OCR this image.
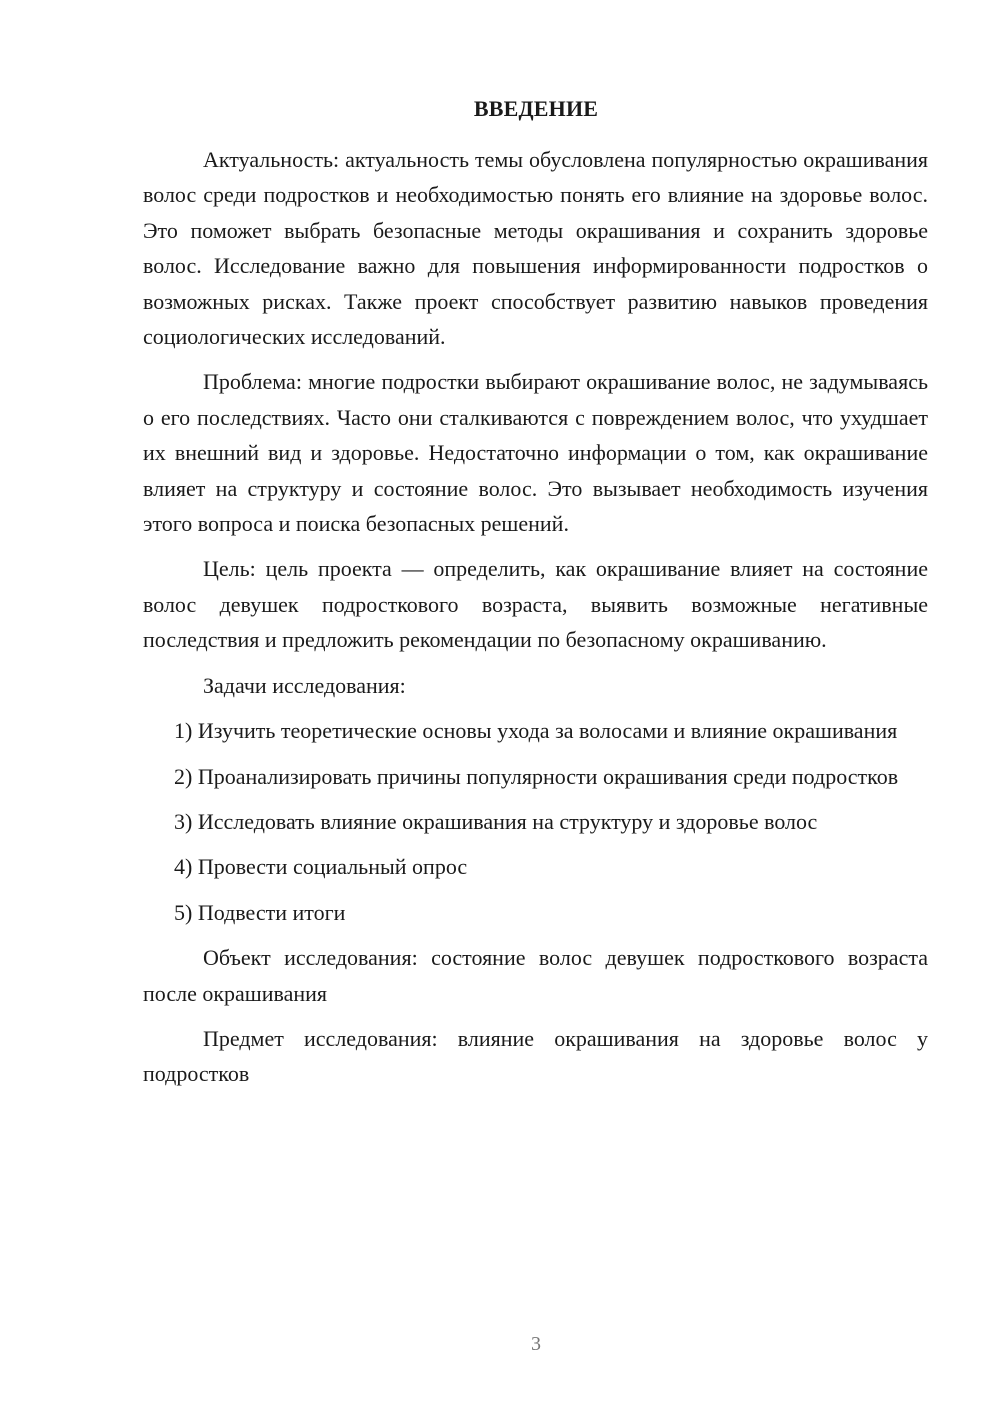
ВВЕДЕНИЕ

Актуальность: актуальность темы обусловлена популярностью окрашивания волос среди подростков и необходимостью понять его влияние на здоровье волос. Это поможет выбрать безопасные методы окрашивания и сохранить здоровье волос. Исследование важно для повышения информированности подростков о возможных рисках. Также проект способствует развитию навыков проведения социологических исследований.

Проблема: многие подростки выбирают окрашивание волос, не задумываясь о его последствиях. Часто они сталкиваются с повреждением волос, что ухудшает их внешний вид и здоровье. Недостаточно информации о том, как окрашивание влияет на структуру и состояние волос. Это вызывает необходимость изучения этого вопроса и поиска безопасных решений.

Цель: цель проекта — определить, как окрашивание влияет на состояние волос девушек подросткового возраста, выявить возможные негативные последствия и предложить рекомендации по безопасному окрашиванию.

Задачи исследования:

1) Изучить теоретические основы ухода за волосами и влияние окрашивания

2) Проанализировать причины популярности окрашивания среди подростков

3) Исследовать влияние окрашивания на структуру и здоровье волос

4) Провести социальный опрос

5) Подвести итоги

Объект исследования: состояние волос девушек подросткового возраста после окрашивания

Предмет исследования: влияние окрашивания на здоровье волос у подростков

3
